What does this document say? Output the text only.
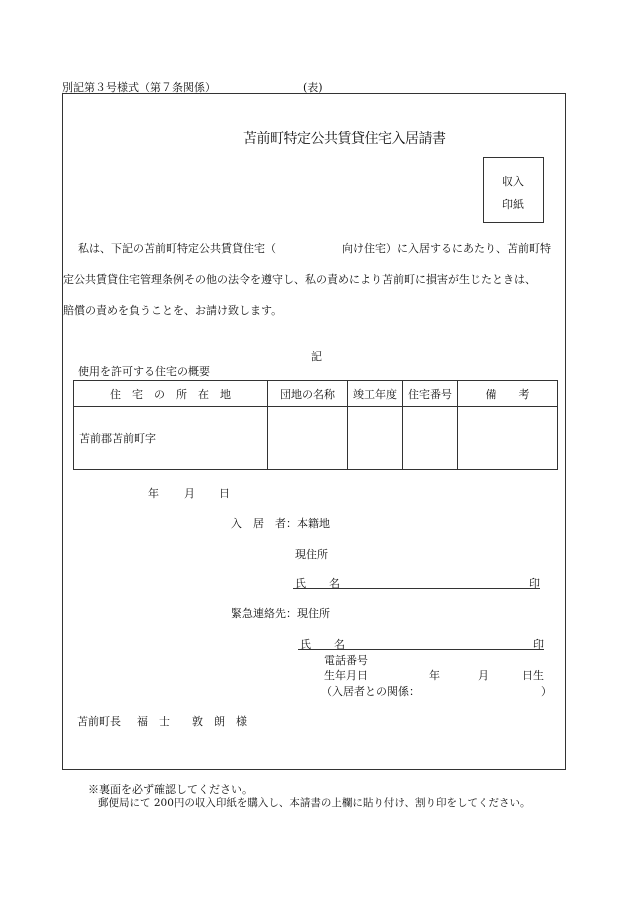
別記第３号様式（第７条関係）	(表)
苫前町特定公共賃貸住宅入居請書
収入
印紙
私は、下記の苫前町特定公共賃貸住宅（	向け住宅）に入居するにあたり、苫前町特
定公共賃貸住宅管理条例その他の法令を遵守し、私の責めにより苫前町に損害が生じたときは、
賠償の責めを負うことを、お請け致します。
記
使用を許可する住宅の概要
住　宅　の　所　在　地	団地の名称	竣工年度	住宅番号	備　　考
苫前郡苫前町字				
年 月 日
入　居　者：本籍地
現住所
氏　名	印
緊急連絡先：現住所
氏　名	印
電話番号
生年月日	年	月	日生
（入居者との関係：	）
苫前町長 福　士　　敦　朗 様
※裏面を必ず確認してください。
郵便局にて 200円の収入印紙を購入し、本請書の上欄に貼り付け、割り印をしてください。
